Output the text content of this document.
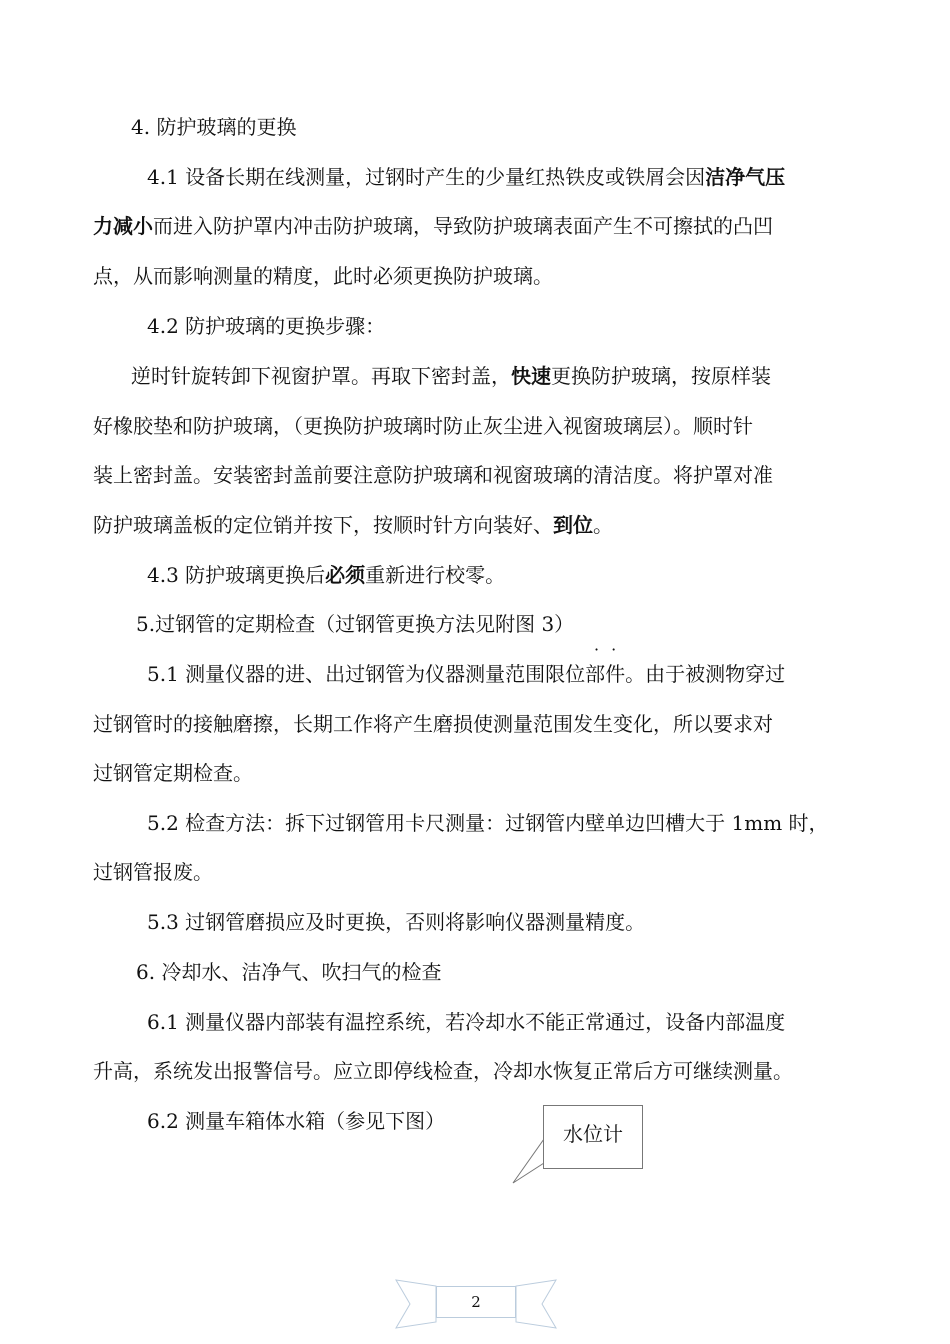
4. 防护玻璃的更换
4.1 设备长期在线测量，过钢时产生的少量红热铁皮或铁屑会因洁净气压
力减小而进入防护罩内冲击防护玻璃，导致防护玻璃表面产生不可擦拭的凸凹
点，从而影响测量的精度，此时必须更换防护玻璃。
4.2 防护玻璃的更换步骤：
逆时针旋转卸下视窗护罩。再取下密封盖，快速更换防护玻璃，按原样装
好橡胶垫和防护玻璃，（更换防护玻璃时防止灰尘进入视窗玻璃层）。顺时针
装上密封盖。安装密封盖前要注意防护玻璃和视窗玻璃的清洁度。将护罩对准
防护玻璃盖板的定位销并按下，按顺时针方向装好、到位。
4.3 防护玻璃更换后必须重新进行校零。
5.过钢管的定期检查（过钢管更换方法见附图 3）
··
5.1 测量仪器的进、出过钢管为仪器测量范围限位部件。由于被测物穿过
过钢管时的接触磨擦，长期工作将产生磨损使测量范围发生变化，所以要求对
过钢管定期检查。
5.2 检查方法：拆下过钢管用卡尺测量：过钢管内壁单边凹槽大于 1mm 时，
过钢管报废。
5.3 过钢管磨损应及时更换，否则将影响仪器测量精度。
6. 冷却水、洁净气、吹扫气的检查
6.1 测量仪器内部装有温控系统，若冷却水不能正常通过，设备内部温度
升高，系统发出报警信号。应立即停线检查，冷却水恢复正常后方可继续测量。
6.2 测量车箱体水箱（参见下图）
水位计
2
